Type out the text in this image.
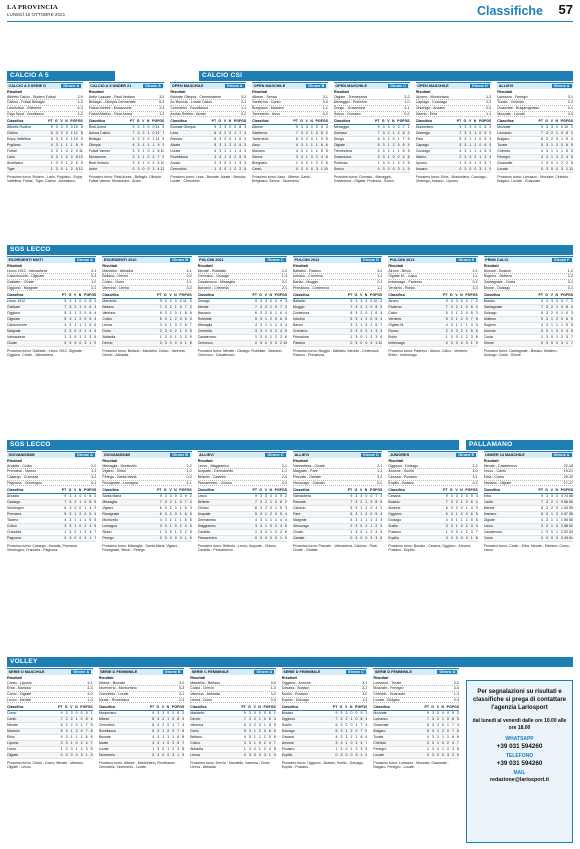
LA PROVINCIA
LUNEDÌ 18 OTTOBRE 2021	Classifiche 57
CALCIO A 5	CALCIO CSI
CALCIO A 5 SERIE D	Girone A
Risultati
Athletic Calcio - Rodero Futsal	2-9
Cistino - Futsal Bellagio	3-3
Lariofutsal - Villaverla	4-3
Giga Sport - Arcellasco	2-2
Classifica	PT G V N P GF GS
Athletic Rodero	9 3 3 0 0 15 6
Cistino	6 3 2 0 1 12 8
Enjoy Valtellina	6 3 2 0 1 10 9
Pogliano	4 3 1 1 1 8 9
Futsal	3 3 1 0 2 9 11
Lario	3 3 1 0 2 8 10
Arcellasco	1 3 0 1 2 6 9
Tiger	1 3 0 1 2 5 12
Prossimo turno: Rodero - Lario, Pogliano - Enjoy Valtellina, Futsal - Tiger, Cistino - Arcellasco.
CALCIO A 5 UNDER 21	Girone A
Risultati
Ardor Lazzate - Real Vedano	3-5
Bellagio - Olimpia Cermenate	6-3
Futsal Varese - Morazzone	2-4
Futsal Atletico - Real Aurea	1-2
Classifica	PT G V N P GF GS
Real Aurea	9 3 3 0 0 14 6
Aurora Calcio	7 3 2 1 0 12 7
Bellagio	6 3 2 0 1 11 8
Olimpia	4 3 1 1 1 9 9
Futsal Varese	3 3 1 0 2 8 10
Morazzone	3 3 1 0 2 7 9
Real Vedano	3 3 1 0 2 6 10
Ardor	0 3 0 0 3 4 12
Prossimo turno: Real Aurea - Bellagio, Olimpia - Futsal Varese, Morazzone - Ardor.
OPEN MASCHILE	Girone A
Risultati
Brunate Olimpia - Cermenatese	3-2
Ac Breccia - Lurate Calcio	2-1
Cernobbio - Rovellasca	1-1
Arosio Rebbio - Alzate	0-2
Classifica	PT G V N P GF GS
Brunate Olimpia	9 3 3 0 0 8 3
Lesa	6 3 2 0 1 7 4
Breccia	6 3 2 0 1 6 4
Alzate	5 3 1 2 0 5 3
Lurate	4 3 1 1 1 4 4
Rovellasca	3 3 1 0 2 5 6
Arosio	2 3 0 2 1 3 4
Cernobbio	1 3 0 1 2 2 6
Prossimo turno: Lesa - Brunate, Alzate - Breccia, Lurate - Cernobbio.
OPEN MASCHILE	Girone B
Risultati
Albese - Senna	2-1
Sanfermo - Cantù	3-0
Bregnano - Mariano	1-1
Tavernerio - Asso	4-2
Classifica	PT G V N P GF GS
Albese	9 3 3 0 0 9 3
Sanfermo	7 3 2 1 0 8 2
Tavernerio	6 3 2 0 1 9 6
Asso	4 3 1 1 1 6 6
Mariano	4 3 1 1 1 5 5
Senna	3 3 1 0 2 4 6
Bregnano	1 3 0 1 2 2 6
Cantù	0 3 0 0 3 1 10
Prossimo turno: Asso - Albese, Cantù - Bregnano, Senna - Tavernerio.
OPEN MASCHILE	Girone C
Risultati
Olgiate - Tremezzina	2-2
Menaggio - Porlezza	1-0
Dongo - Gravedona	3-1
Sorico - Domaso	0-2
Classifica	PT G V N P GF GS
Menaggio	9 3 3 0 0 7 1
Domaso	7 3 2 1 0 6 2
Dongo	6 3 2 0 1 7 4
Olgiate	5 3 1 2 0 6 4
Tremezzina	4 3 1 1 1 5 5
Gravedona	3 3 1 0 2 4 6
Porlezza	1 3 0 1 2 2 5
Sorico	0 3 0 0 3 1 9
Prossimo turno: Domaso - Menaggio, Gravedona - Olgiate, Porlezza - Sorico.
OPEN MASCHILE	Girone D
Risultati
Lipomo - Montorfano	1-3
Capiago - Cucciago	2-2
Orsenigo - Anzano	2-0
Alserio - Erba	1-1
Classifica	PT G V N P GF GS
Montorfano	9 3 3 0 0 8 2
Orsenigo	7 3 2 1 0 6 2
Erba	5 3 1 2 0 5 3
Capiago	5 3 1 2 0 6 5
Cucciago	4 3 1 1 1 5 5
Alserio	2 3 0 2 1 3 4
Lipomo	1 3 0 1 2 3 7
Anzano	0 3 0 0 3 1 9
Prossimo turno: Erba - Montorfano, Cucciago - Orsenigo, Anzano - Lipomo.
ALLIEVI	Girone A
Risultati
Lomazzo - Fenegrò	3-1
Turate - Cirimido	2-2
Guanzate - Bulgarograsso	0-1
Mozzate - Locate	4-0
Classifica	PT G V N P GF GS
Mozzate	9 3 3 0 0 10 1
Lomazzo	7 3 2 1 0 8 3
Bulgaro	6 3 2 0 1 5 4
Turate	5 3 1 2 0 6 5
Cirimido	4 3 1 1 1 5 5
Fenegrò	3 3 1 0 2 4 6
Guanzate	1 3 0 1 2 2 6
Locate	0 3 0 0 3 1 11
Prossimo turno: Lomazzo - Mozzate, Cirimido - Bulgaro, Locate - Guanzate.
SGS LECCO
ESORDIENTI MISTI	Girone A
Risultati
Lecco 1912 - Valmadrera	2-1
Calolziocorte - Olginate	3-3
Galbiate - Civate	1-0
Oggiono - Malgrate	2-2
Classifica	PT G V N P GF GS
Lecco 1912	9 3 3 0 0 8 2
Galbiate	7 3 2 1 0 6 3
Oggiono	5 3 1 2 0 6 4
Olginate	5 3 1 2 0 5 4
Calolziocorte	4 3 1 1 1 6 6
Malgrate	2 3 0 2 1 4 5
Valmadrera	1 3 0 1 2 3 6
Civate	0 3 0 0 3 1 9
Prossimo turno: Galbiate - Lecco 1912, Olginate - Oggiono, Civate - Valmadrera.
ESORDIENTI 2010	Girone B
Risultati
Mandello - Abbadia	4-1
Bellano - Dervio	2-0
Colico - Dorio	1-1
Varenna - Lierna	3-2
Classifica	PT G V N P GF GS
Mandello	9 3 3 0 0 11 3
Bellano	7 3 2 1 0 7 2
Varenna	6 3 2 0 1 8 6
Colico	5 3 1 2 0 5 4
Lierna	3 3 1 0 2 6 7
Dorio	2 3 0 2 1 3 5
Abbadia	1 3 0 1 2 3 9
Dervio	0 3 0 0 3 1 8
Prossimo turno: Bellano - Mandello, Colico - Varenna, Dervio - Abbadia.
PULCINI 2011	Girone C
Risultati
Merate - Robbiate	2-2
Cernusco - Osnago	1-3
Casatenovo - Missaglia	0-1
Barzanò - Cremella	2-1
Classifica	PT G V N P GF GS
Osnago	9 3 3 0 0 9 3
Merate	7 3 2 1 0 7 3
Barzanò	6 3 2 0 1 6 4
Robbiate	5 3 1 2 0 6 5
Missaglia	4 3 1 1 1 4 4
Cremella	3 3 1 0 2 4 5
Casatenovo	1 3 0 1 2 2 6
Cernusco	0 3 0 0 3 2 10
Prossimo turno: Merate - Osnago, Robbiate - Barzanò, Cernusco - Casatenovo.
PULCINI 2012	Girone D
Risultati
Ballabio - Pasturo	3-0
Introbio - Cremeno	1-1
Barzio - Moggio	2-3
Primaluna - Cortenova	1-2
Classifica	PT G V N P GF GS
Ballabio	9 3 3 0 0 10 2
Moggio	7 3 2 1 0 8 5
Cortenova	6 3 2 0 1 6 4
Introbio	5 3 1 2 0 5 4
Barzio	3 3 1 0 2 6 7
Cremeno	2 3 0 2 1 3 4
Primaluna	1 3 0 1 2 3 6
Pasturo	0 3 0 0 3 1 10
Prossimo turno: Moggio - Ballabio, Introbio - Cortenova, Pasturo - Primaluna.
PULCINI 2013	Girone E
Risultati
Airuno - Brivio	2-1
Olgiate M. - Calco	1-1
Imbersago - Paderno	0-2
Verderio - Ronco	3-3
Classifica	PT G V N P GF GS
Airuno	9 3 3 0 0 7 2
Paderno	7 3 2 1 0 6 2
Calco	5 3 1 2 0 5 3
Verderio	5 3 1 2 0 7 6
Olgiate M.	4 3 1 1 1 4 4
Ronco	2 3 0 2 1 5 6
Brivio	1 3 0 1 2 3 6
Imbersago	0 3 0 0 3 1 9
Prossimo turno: Paderno - Airuno, Calco - Verderio, Brivio - Imbersago.
PRIMI CALCI	Girone F
Risultati
Annone - Bosisio	1-2
Rogeno - Molteno	2-2
Garbagnate - Costa	3-1
Sirone - Dolzago	0-1
Classifica	PT G V N P GF GS
Bosisio	9 3 3 0 0 7 2
Garbagnate	7 3 2 1 0 8 4
Dolzago	6 3 2 0 1 4 3
Molteno	5 3 1 2 0 6 5
Rogeno	4 3 1 1 1 5 5
Annone	3 3 1 0 2 4 5
Costa	1 3 0 1 2 3 7
Sirone	0 3 0 0 3 1 7
Prossimo turno: Garbagnate - Bosisio, Molteno - Dolzago, Costa - Sirone.
SGS LECCO	PALLAMANO
GIOVANISSIMI	Girone A
Risultati
Arcadia - Colico	2-0
Premana - Taceno	1-1
Casargo - Crandola	3-2
Pagnona - Vendrogno	0-1
Classifica	PT G V N P GF GS
Arcadia	9 3 3 0 0 8 2
Casargo	7 3 2 1 0 8 5
Vendrogno	6 3 2 0 1 4 3
Premana	5 3 1 2 0 5 4
Taceno	4 3 1 1 1 5 5
Colico	3 3 1 0 2 3 5
Crandola	1 3 0 1 2 4 7
Pagnona	0 3 0 0 3 1 7
Prossimo turno: Casargo - Arcadia, Premana - Vendrogno, Crandola - Pagnona.
GIOVANISSIMI	Girone B
Risultati
Missaglia - Monticello	2-2
Viganò - Sirtori	1-0
Perego - Santa Maria	0-3
Rovagnate - Lomagna	2-1
Classifica	PT G V N P GF GS
Santa Maria	9 3 3 0 0 9 2
Missaglia	7 3 2 1 0 7 4
Viganò	6 3 2 0 1 5 3
Rovagnate	6 3 2 0 1 6 5
Monticello	4 3 1 1 1 5 5
Lomagna	3 3 1 0 2 4 6
Sirtori	1 3 0 1 2 2 5
Perego	0 3 0 0 3 1 9
Prossimo turno: Missaglia - Santa Maria, Viganò - Rovagnate, Sirtori - Perego.
ALLIEVI	Girone C
Risultati
Lecco - Maggianico	3-1
Acquate - Germanedo	1-1
Belledo - Castello	2-0
Pescarenico - Chiuso	0-2
Classifica	PT G V N P GF GS
Lecco	9 3 3 0 0 9 2
Belledo	7 3 2 1 0 6 2
Chiuso	6 3 2 0 1 5 3
Acquate	5 3 1 2 0 5 4
Germanedo	4 3 1 1 1 4 4
Maggianico	3 3 1 0 2 4 6
Castello	1 3 0 1 2 2 6
Pescarenico	0 3 0 0 3 1 9
Prossimo turno: Belledo - Lecco, Acquate - Chiuso, Castello - Pescarenico.
ALLIEVI	Girone D
Risultati
Valmadrera - Civate	2-1
Malgrate - Parè	1-1
Pescate - Garlate	3-2
Vercurago - Calolzio	0-0
Classifica	PT G V N P GF GS
Valmadrera	9 3 3 0 0 7 2
Pescate	7 3 2 1 0 8 5
Calolzio	5 3 1 2 0 4 2
Parè	5 3 1 2 0 5 4
Malgrate	4 3 1 1 1 4 4
Vercurago	2 3 0 2 1 2 3
Civate	1 3 0 1 2 3 6
Garlate	0 3 0 0 3 3 8
Prossimo turno: Pescate - Valmadrera, Calolzio - Parè, Civate - Garlate.
JUNIORES	Girone E
Risultati
Oggiono - Dolzago	2-2
Annone - Suello	1-0
Cesana - Pusiano	3-1
Eupilio - Bosisio	0-2
Classifica	PT G V N P GF GS
Cesana	9 3 3 0 0 9 3
Bosisio	7 3 2 1 0 6 2
Annone	6 3 2 0 1 4 3
Oggiono	5 3 1 2 0 6 5
Dolzago	4 3 1 1 1 5 5
Suello	3 3 1 0 2 3 4
Pusiano	1 3 0 1 2 3 7
Eupilio	0 3 0 0 3 1 8
Prossimo turno: Bosisio - Cesana, Oggiono - Annone, Pusiano - Eupilio.
UNDER 14 MASCHILE	Girone A
Risultati
Merate - Casatenovo	22-18
Lecco - Cantù	19-21
Erba - Como	25-20
Mariano - Olgiate	17-17
Classifica	PT G V N P GF GS
Erba	9 3 3 0 0 74 58
Cantù	7 3 2 1 0 66 60
Merate	6 3 2 0 1 63 59
Mariano	5 3 1 2 0 57 55
Olgiate	4 3 1 1 1 55 56
Lecco	3 3 1 0 2 58 62
Casatenovo	1 3 0 1 2 52 63
Como	0 3 0 0 3 49 61
Prossimo turno: Cantù - Erba, Merate - Mariano, Como - Lecco.
VOLLEY
SERIE D MASCHILE	Girone A
Risultati
Cantù - Lipomo	3-1
Erba - Mariano	2-3
Como - Olgiate	3-0
Lecco - Merate	1-3
Classifica	PT G V N P GF GS
Como	9 3 3 0 0 9 1
Cantù	7 3 2 1 0 8 4
Merate	6 3 2 0 1 7 5
Mariano	5 3 1 2 0 7 6
Erba	4 3 1 1 1 6 6
Lipomo	3 3 1 0 2 4 7
Lecco	1 3 0 1 2 3 8
Olgiate	0 3 0 0 3 1 9
Prossimo turno: Cantù - Como, Merate - Mariano, Olgiate - Lecco.
SERIE D FEMMINILE	Girone B
Risultati
Albese - Brunate	3-2
Tavernerio - Montorfano	0-3
Cernobbio - Lurate	3-1
Alzate - Rovellasca	2-3
Classifica	PT G V N P GF GS
Montorfano	9 3 3 0 0 9 2
Albese	8 3 2 1 0 8 4
Cernobbio	6 3 2 0 1 7 4
Rovellasca	5 3 1 2 0 7 6
Brunate	4 3 1 1 1 6 6
Alzate	3 3 1 0 2 5 7
Lurate	1 3 0 1 2 3 8
Tavernerio	0 3 0 0 3 1 9
Prossimo turno: Albese - Montorfano, Rovellasca - Cernobbio, Tavernerio - Lurate.
SERIE C FEMMINILE	Girone A
Risultati
Mandello - Bellano	3-0
Colico - Dervio	1-3
Varenna - Abbadia	3-2
Lierna - Dorio	0-3
Classifica	PT G V N P GF GS
Mandello	9 3 3 0 0 9 1
Dervio	7 3 2 1 0 8 4
Varenna	6 3 2 0 1 8 5
Dorio	5 3 1 2 0 6 5
Bellano	4 3 1 1 1 5 6
Colico	3 3 1 0 2 4 7
Abbadia	1 3 0 1 2 4 8
Lierna	0 3 0 0 3 1 9
Prossimo turno: Dervio - Mandello, Varenna - Dorio, Lierna - Abbadia.
SERIE D FEMMINILE	Girone C
Risultati
Oggiono - Annone	3-1
Cesana - Bosisio	2-3
Suello - Pusiano	3-0
Eupilio - Dolzago	1-3
Classifica	PT G V N P GF GS
Bosisio	9 3 3 0 0 9 3
Oggiono	7 3 2 1 0 8 4
Suello	6 3 2 0 1 7 4
Dolzago	5 3 1 2 0 7 6
Cesana	4 3 1 1 1 6 6
Annone	3 3 1 0 2 4 7
Pusiano	1 3 0 1 2 3 8
Eupilio	0 3 0 0 3 1 9
Prossimo turno: Oggiono - Bosisio, Suello - Dolzago, Eupilio - Pusiano.
SERIE D FEMMINILE	Girone D
Risultati
Lomazzo - Turate	3-2
Mozzate - Fenegrò	3-0
Cirimido - Guanzate	1-3
Locate - Bulgaro	2-3
Classifica	PT G V N P GF GS
Mozzate	9 3 3 0 0 9 2
Lomazzo	7 3 2 1 0 8 5
Guanzate	6 3 2 0 1 7 4
Bulgaro	5 3 1 2 0 7 6
Turate	4 3 1 1 1 6 6
Cirimido	3 3 1 0 2 4 7
Fenegrò	1 3 0 1 2 3 8
Locate	0 3 0 0 3 2 9
Prossimo turno: Lomazzo - Mozzate, Guanzate - Bulgaro, Fenegrò - Locate.
Per segnalazioni su risultati e classifiche si prega di contattare l'agenzia Lariosport
dal lunedì al venerdì dalle ore 10.00 alle ore 18.00
WHATSAPP
+39 031 594260
TELEFONO
+39 031 594260
MAIL
redazione@lariosport.it
